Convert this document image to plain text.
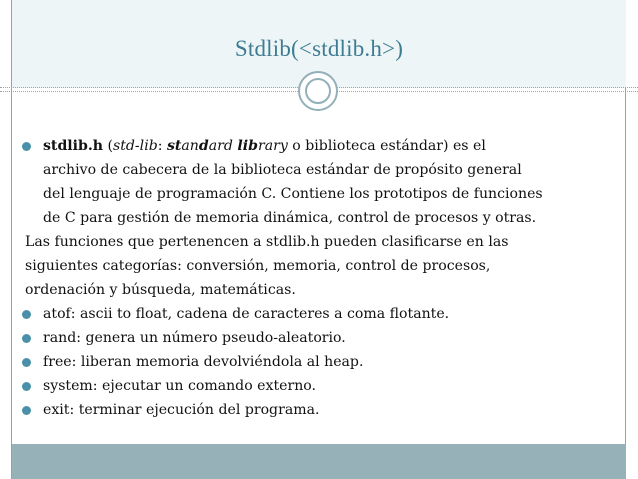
Stdlib(<stdlib.h>)
stdlib.h (std-lib: standard library o biblioteca estándar) es el
archivo de cabecera de la biblioteca estándar de propósito general
del lenguaje de programación C. Contiene los prototipos de funciones
de C para gestión de memoria dinámica, control de procesos y otras.
Las funciones que pertenencen a stdlib.h pueden clasificarse en las
siguientes categorías: conversión, memoria, control de procesos,
ordenación y búsqueda, matemáticas.
atof: ascii to float, cadena de caracteres a coma flotante.
rand: genera un número pseudo-aleatorio.
free: liberan memoria devolviéndola al heap.
system: ejecutar un comando externo.
exit: terminar ejecución del programa.
